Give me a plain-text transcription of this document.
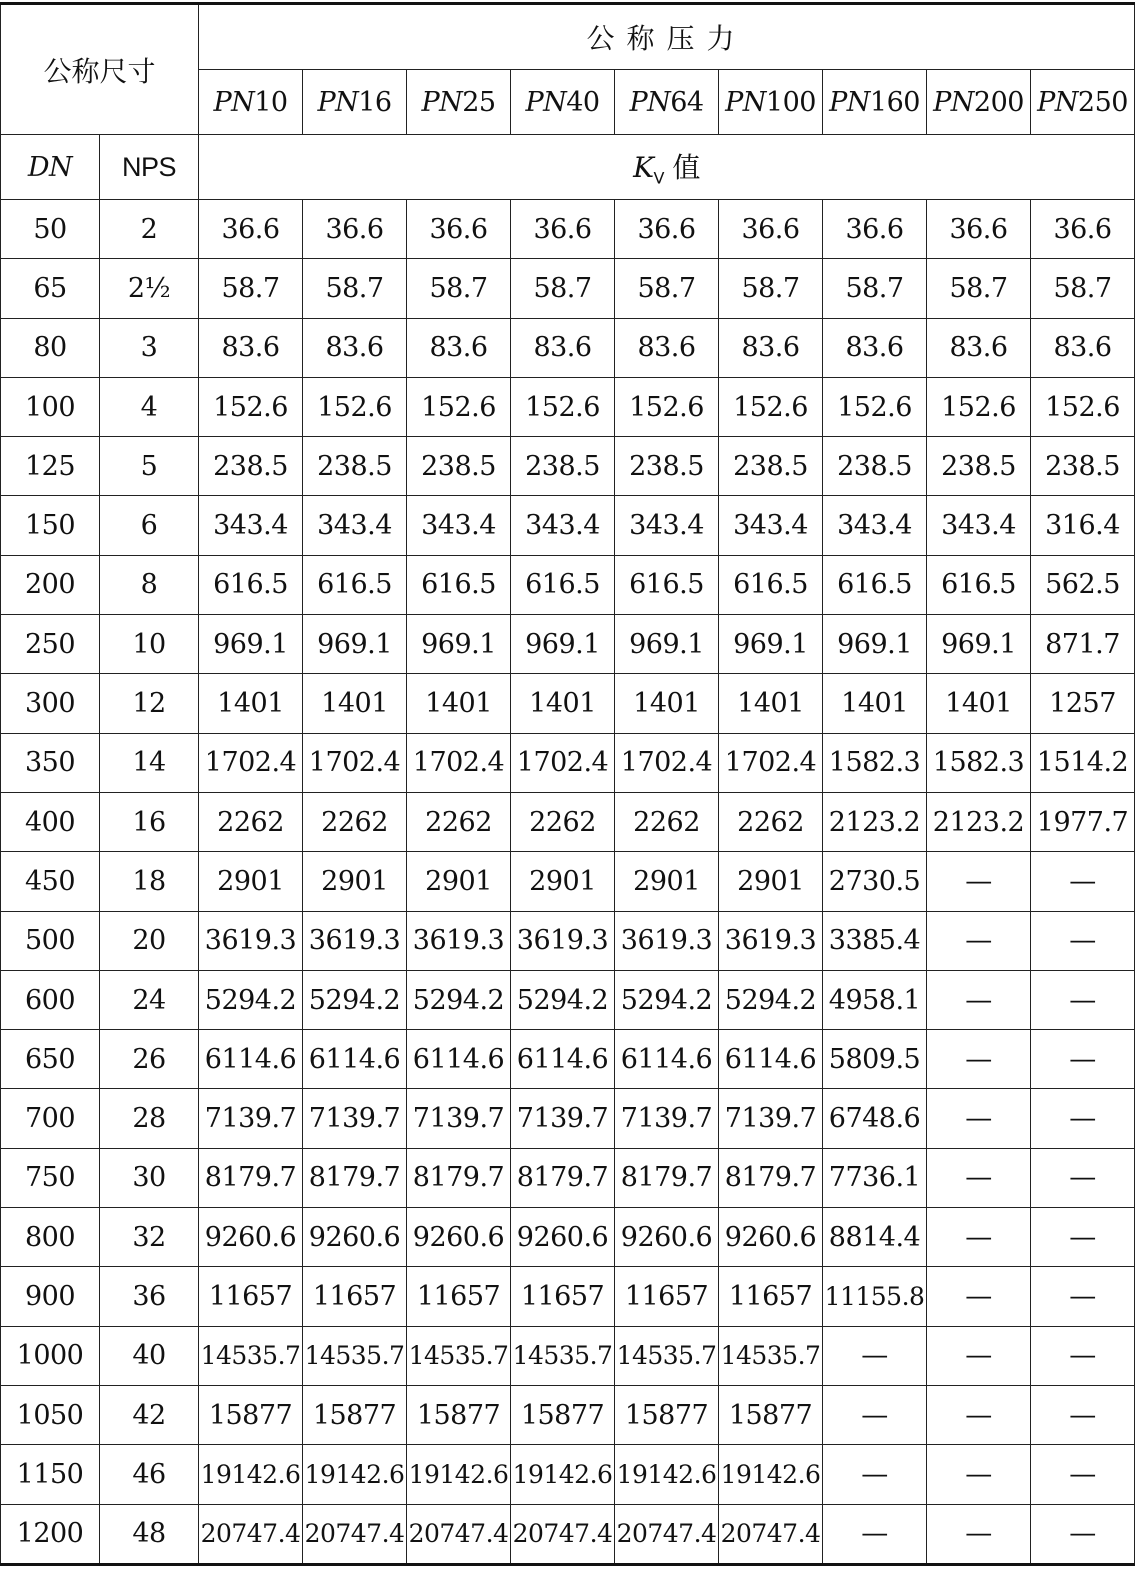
公称尺寸		公称压力								
		PN10	PN16	PN25	PN40	PN64	PN100	PN160	PN200	PN250
DN	NPS	$K_V$ 值								
50	2	36.6	36.6	36.6	36.6	36.6	36.6	36.6	36.6	36.6
65	2½	58.7	58.7	58.7	58.7	58.7	58.7	58.7	58.7	58.7
80	3	83.6	83.6	83.6	83.6	83.6	83.6	83.6	83.6	83.6
100	4	152.6	152.6	152.6	152.6	152.6	152.6	152.6	152.6	152.6
125	5	238.5	238.5	238.5	238.5	238.5	238.5	238.5	238.5	238.5
150	6	343.4	343.4	343.4	343.4	343.4	343.4	343.4	343.4	316.4
200	8	616.5	616.5	616.5	616.5	616.5	616.5	616.5	616.5	562.5
250	10	969.1	969.1	969.1	969.1	969.1	969.1	969.1	969.1	871.7
300	12	1401	1401	1401	1401	1401	1401	1401	1401	1257
350	14	1702.4	1702.4	1702.4	1702.4	1702.4	1702.4	1582.3	1582.3	1514.2
400	16	2262	2262	2262	2262	2262	2262	2123.2	2123.2	1977.7
450	18	2901	2901	2901	2901	2901	2901	2730.5	—	—
500	20	3619.3	3619.3	3619.3	3619.3	3619.3	3619.3	3385.4	—	—
600	24	5294.2	5294.2	5294.2	5294.2	5294.2	5294.2	4958.1	—	—
650	26	6114.6	6114.6	6114.6	6114.6	6114.6	6114.6	5809.5	—	—
700	28	7139.7	7139.7	7139.7	7139.7	7139.7	7139.7	6748.6	—	—
750	30	8179.7	8179.7	8179.7	8179.7	8179.7	8179.7	7736.1	—	—
800	32	9260.6	9260.6	9260.6	9260.6	9260.6	9260.6	8814.4	—	—
900	36	11657	11657	11657	11657	11657	11657	11155.8	—	—
1000	40	14535.7	14535.7	14535.7	14535.7	14535.7	14535.7	—	—	—
1050	42	15877	15877	15877	15877	15877	15877	—	—	—
1150	46	19142.6	19142.6	19142.6	19142.6	19142.6	19142.6	—	—	—
1200	48	20747.4	20747.4	20747.4	20747.4	20747.4	20747.4	—	—	—
